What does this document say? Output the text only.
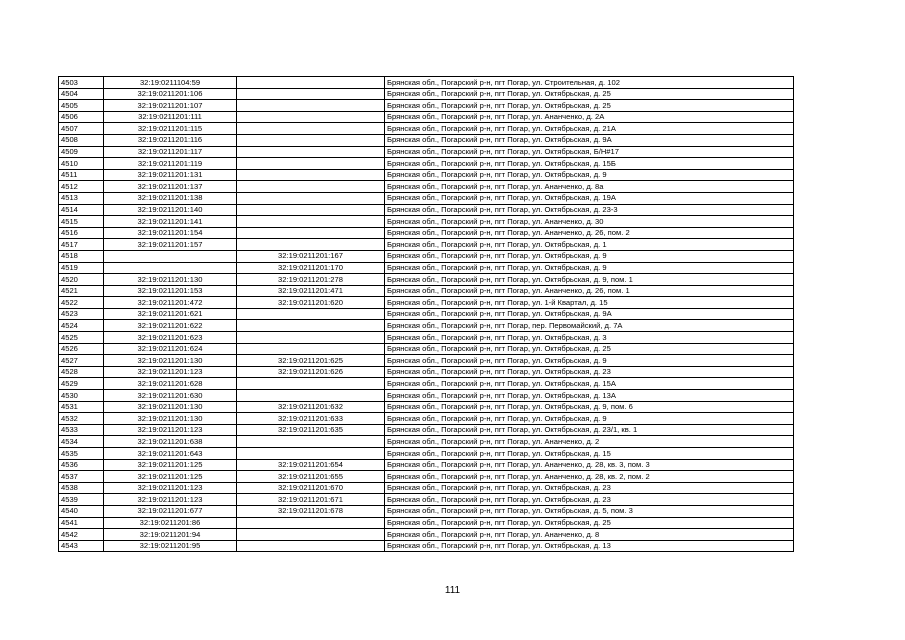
4503	32:19:0211104:59		Брянская обл., Погарский р-н, пгт Погар, ул. Строительная, д. 102
4504	32:19:0211201:106		Брянская обл., Погарский р-н, пгт Погар, ул. Октябрьская, д. 25
4505	32:19:0211201:107		Брянская обл., Погарский р-н, пгт Погар, ул. Октябрьская, д. 25
4506	32:19:0211201:111		Брянская обл., Погарский р-н, пгт Погар, ул. Ананченко, д. 2А
4507	32:19:0211201:115		Брянская обл., Погарский р-н, пгт Погар, ул. Октябрьская, д. 21А
4508	32:19:0211201:116		Брянская обл., Погарский р-н, пгт Погар, ул. Октябрьская, д. 9А
4509	32:19:0211201:117		Брянская обл., Погарский р-н, пгт Погар, ул. Октябрьская, Б/Н#17
4510	32:19:0211201:119		Брянская обл., Погарский р-н, пгт Погар, ул. Октябрьская, д. 15Б
4511	32:19:0211201:131		Брянская обл., Погарский р-н, пгт Погар, ул. Октябрьская, д. 9
4512	32:19:0211201:137		Брянская обл., Погарский р-н, пгт Погар, ул. Ананченко, д. 8а
4513	32:19:0211201:138		Брянская обл., Погарский р-н, пгт Погар, ул. Октябрьская, д. 19А
4514	32:19:0211201:140		Брянская обл., Погарский р-н, пгт Погар, ул. Октябрьская, д. 23-3
4515	32:19:0211201:141		Брянская обл., Погарский р-н, пгт Погар, ул. Ананченко, д. 30
4516	32:19:0211201:154		Брянская обл., Погарский р-н, пгт Погар, ул. Ананченко, д. 26, пом. 2
4517	32:19:0211201:157		Брянская обл., Погарский р-н, пгт Погар, ул. Октябрьская, д. 1
4518		32:19:0211201:167	Брянская обл., Погарский р-н, пгт Погар, ул. Октябрьская, д. 9
4519		32:19:0211201:170	Брянская обл., Погарский р-н, пгт Погар, ул. Октябрьская, д. 9
4520	32:19:0211201:130	32:19:0211201:278	Брянская обл., Погарский р-н, пгт Погар, ул. Октябрьская, д. 9, пом. 1
4521	32:19:0211201:153	32:19:0211201:471	Брянская обл., Погарский р-н, пгт Погар, ул. Ананченко, д. 26, пом. 1
4522	32:19:0211201:472	32:19:0211201:620	Брянская обл., Погарский р-н, пгт Погар, ул. 1-й Квартал, д. 15
4523	32:19:0211201:621		Брянская обл., Погарский р-н, пгт Погар, ул. Октябрьская, д. 9А
4524	32:19:0211201:622		Брянская обл., Погарский р-н, пгт Погар, пер. Первомайский, д. 7А
4525	32:19:0211201:623		Брянская обл., Погарский р-н, пгт Погар, ул. Октябрьская, д. 3
4526	32:19:0211201:624		Брянская обл., Погарский р-н, пгт Погар, ул. Октябрьская, д. 25
4527	32:19:0211201:130	32:19:0211201:625	Брянская обл., Погарский р-н, пгт Погар, ул. Октябрьская, д. 9
4528	32:19:0211201:123	32:19:0211201:626	Брянская обл., Погарский р-н, пгт Погар, ул. Октябрьская, д. 23
4529	32:19:0211201:628		Брянская обл., Погарский р-н, пгт Погар, ул. Октябрьская, д. 15А
4530	32:19:0211201:630		Брянская обл., Погарский р-н, пгт Погар, ул. Октябрьская, д. 13А
4531	32:19:0211201:130	32:19:0211201:632	Брянская обл., Погарский р-н, пгт Погар, ул. Октябрьская, д. 9, пом. 6
4532	32:19:0211201:130	32:19:0211201:633	Брянская обл., Погарский р-н, пгт Погар, ул. Октябрьская, д. 9
4533	32:19:0211201:123	32:19:0211201:635	Брянская обл., Погарский р-н, пгт Погар, ул. Октябрьская, д. 23/1, кв. 1
4534	32:19:0211201:638		Брянская обл., Погарский р-н, пгт Погар, ул. Ананченко, д. 2
4535	32:19:0211201:643		Брянская обл., Погарский р-н, пгт Погар, ул. Октябрьская, д. 15
4536	32:19:0211201:125	32:19:0211201:654	Брянская обл., Погарский р-н, пгт Погар, ул. Ананченко, д. 28, кв. 3, пом. 3
4537	32:19:0211201:125	32:19:0211201:655	Брянская обл., Погарский р-н, пгт Погар, ул. Ананченко, д. 28, кв. 2, пом. 2
4538	32:19:0211201:123	32:19:0211201:670	Брянская обл., Погарский р-н, пгт Погар, ул. Октябрьская, д. 23
4539	32:19:0211201:123	32:19:0211201:671	Брянская обл., Погарский р-н, пгт Погар, ул. Октябрьская, д. 23
4540	32:19:0211201:677	32:19:0211201:678	Брянская обл., Погарский р-н, пгт Погар, ул. Октябрьская, д. 5, пом. 3
4541	32:19:0211201:86		Брянская обл., Погарский р-н, пгт Погар, ул. Октябрьская, д. 25
4542	32:19:0211201:94		Брянская обл., Погарский р-н, пгт Погар, ул. Ананченко, д. 8
4543	32:19:0211201:95		Брянская обл., Погарский р-н, пгт Погар, ул. Октябрьская, д. 13
111
